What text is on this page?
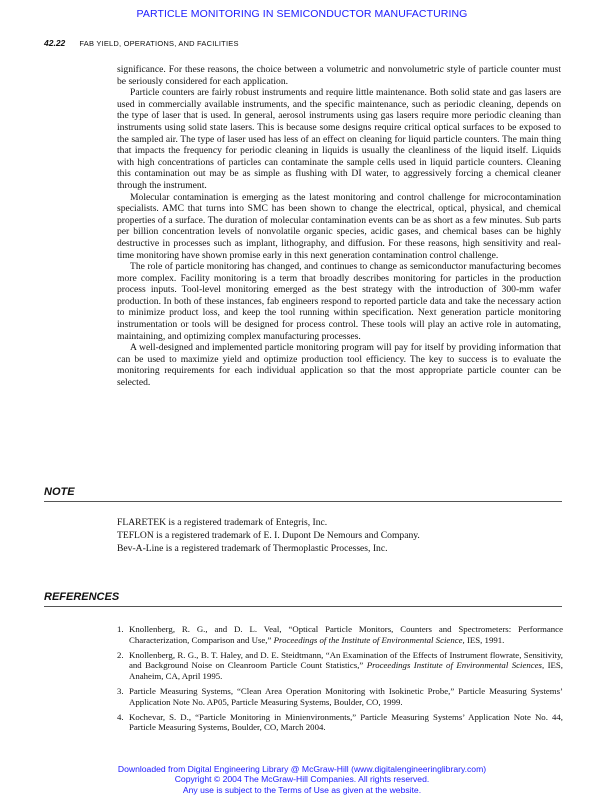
PARTICLE MONITORING IN SEMICONDUCTOR MANUFACTURING
42.22 FAB YIELD, OPERATIONS, AND FACILITIES

significance. For these reasons, the choice between a volumetric and nonvolumetric style of particle counter must be seriously considered for each application.

Particle counters are fairly robust instruments and require little maintenance. Both solid state and gas lasers are used in commercially available instruments, and the specific maintenance, such as periodic cleaning, depends on the type of laser that is used. In general, aerosol instruments using gas lasers require more periodic cleaning than instruments using solid state lasers. This is because some designs require critical optical surfaces to be exposed to the sampled air. The type of laser used has less of an effect on cleaning for liquid particle counters. The main thing that impacts the frequency for periodic cleaning in liquids is usually the cleanliness of the liquid itself. Liquids with high concentrations of particles can contaminate the sample cells used in liquid particle counters. Cleaning this contamination out may be as simple as flushing with DI water, to aggressively forcing a chemical cleaner through the instrument.

Molecular contamination is emerging as the latest monitoring and control challenge for microcontamination specialists. AMC that turns into SMC has been shown to change the electrical, optical, physical, and chemical properties of a surface. The duration of molecular contamination events can be as short as a few minutes. Sub parts per billion concentration levels of nonvolatile organic species, acidic gases, and chemical bases can be highly destructive in processes such as implant, lithography, and diffusion. For these reasons, high sensitivity and real-time monitoring have shown promise early in this next generation contamination control challenge.

The role of particle monitoring has changed, and continues to change as semiconductor manufacturing becomes more complex. Facility monitoring is a term that broadly describes monitoring for particles in the production process inputs. Tool-level monitoring emerged as the best strategy with the introduction of 300-mm wafer production. In both of these instances, fab engineers respond to reported particle data and take the necessary action to minimize product loss, and keep the tool running within specification. Next generation particle monitoring instrumentation or tools will be designed for process control. These tools will play an active role in automating, maintaining, and optimizing complex manufacturing processes.

A well-designed and implemented particle monitoring program will pay for itself by providing information that can be used to maximize yield and optimize production tool efficiency. The key to success is to evaluate the monitoring requirements for each individual application so that the most appropriate particle counter can be selected.

NOTE
FLARETEK is a registered trademark of Entegris, Inc.
TEFLON is a registered trademark of E. I. Dupont De Nemours and Company.
Bev-A-Line is a registered trademark of Thermoplastic Processes, Inc.
REFERENCES
1. Knollenberg, R. G., and D. L. Veal, “Optical Particle Monitors, Counters and Spectrometers: Performance Characterization, Comparison and Use,” Proceedings of the Institute of Environmental Science, IES, 1991.
2. Knollenberg, R. G., B. T. Haley, and D. E. Steidtmann, “An Examination of the Effects of Instrument flowrate, Sensitivity, and Background Noise on Cleanroom Particle Count Statistics,” Proceedings Institute of Environmental Sciences, IES, Anaheim, CA, April 1995.
3. Particle Measuring Systems, “Clean Area Operation Monitoring with Isokinetic Probe,” Particle Measuring Systems’ Application Note No. AP05, Particle Measuring Systems, Boulder, CO, 1999.
4. Kochevar, S. D., “Particle Monitoring in Minienvironments,” Particle Measuring Systems’ Application Note No. 44, Particle Measuring Systems, Boulder, CO, March 2004.
Downloaded from Digital Engineering Library @ McGraw-Hill (www.digitalengineeringlibrary.com)
Copyright © 2004 The McGraw-Hill Companies. All rights reserved.
Any use is subject to the Terms of Use as given at the website.
